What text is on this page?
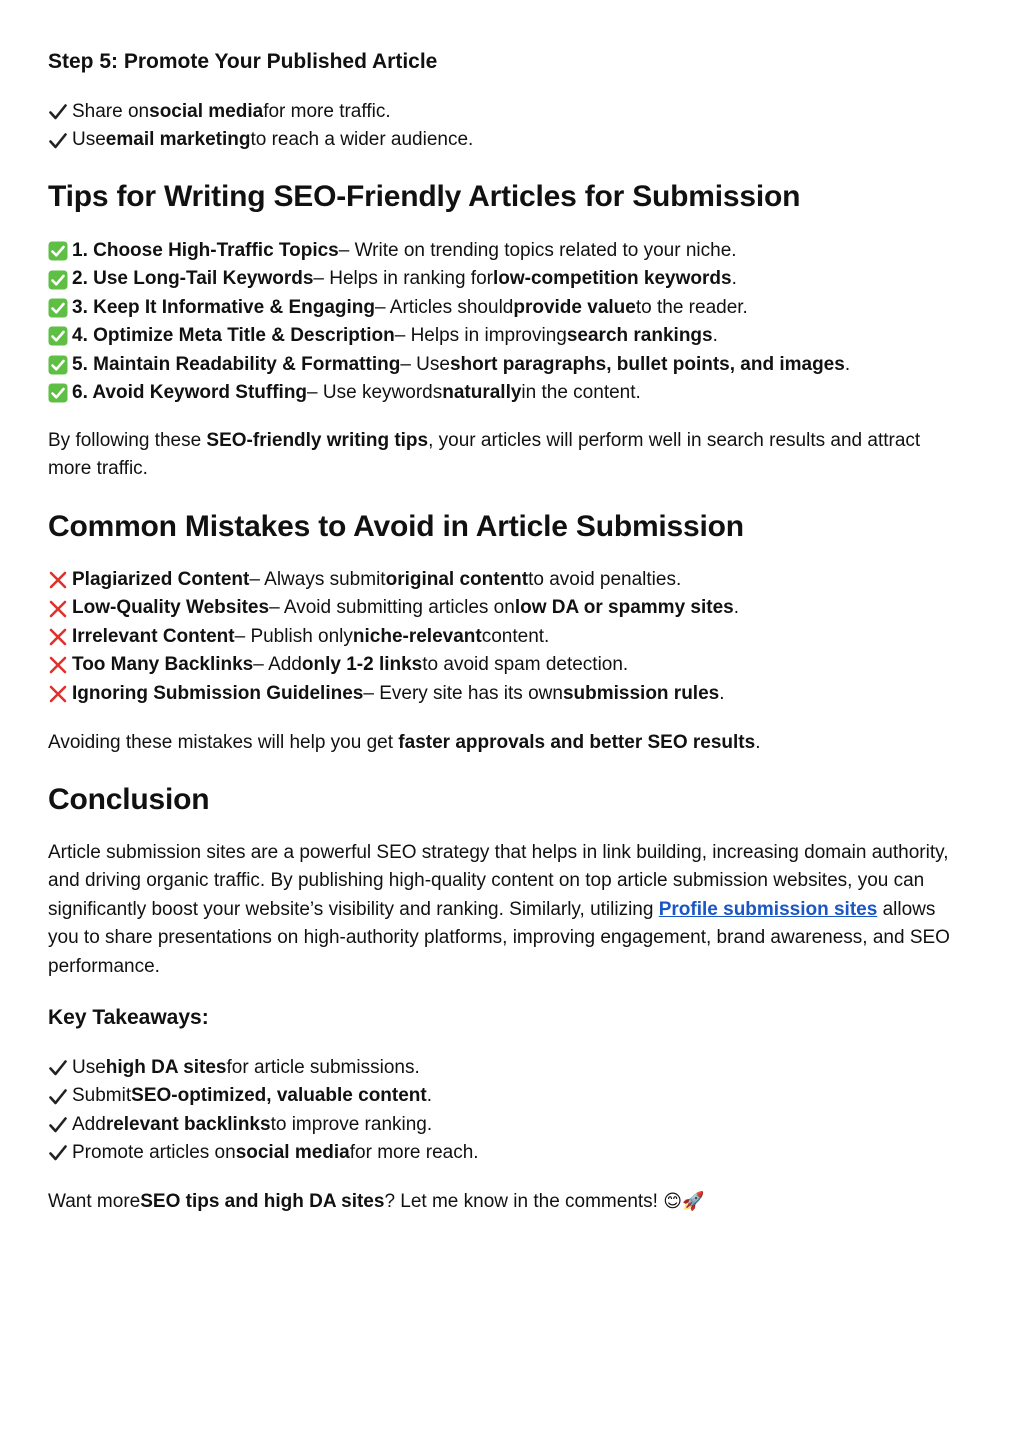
Step 5: Promote Your Published Article
Share on social media for more traffic.
Use email marketing to reach a wider audience.
Tips for Writing SEO-Friendly Articles for Submission
1. Choose High-Traffic Topics – Write on trending topics related to your niche.
2. Use Long-Tail Keywords – Helps in ranking for low-competition keywords .
3. Keep It Informative & Engaging – Articles should provide value to the reader.
4. Optimize Meta Title & Description – Helps in improving search rankings .
5. Maintain Readability & Formatting – Use short paragraphs, bullet points, and images .
6. Avoid Keyword Stuffing – Use keywords naturally in the content.

By following these SEO-friendly writing tips, your articles will perform well in search results and attract more traffic.

Common Mistakes to Avoid in Article Submission
Plagiarized Content – Always submit original content to avoid penalties.
Low-Quality Websites – Avoid submitting articles on low DA or spammy sites .
Irrelevant Content – Publish only niche-relevant content.
Too Many Backlinks – Add only 1-2 links to avoid spam detection.
Ignoring Submission Guidelines – Every site has its own submission rules .

Avoiding these mistakes will help you get faster approvals and better SEO results.

Conclusion

Article submission sites are a powerful SEO strategy that helps in link building, increasing domain authority, and driving organic traffic. By publishing high-quality content on top article submission websites, you can significantly boost your website’s visibility and ranking. Similarly, utilizing Profile submission sites allows you to share presentations on high-authority platforms, improving engagement, brand awareness, and SEO performance.

Key Takeaways:
Use high DA sites for article submissions.
Submit SEO-optimized, valuable content .
Add relevant backlinks to improve ranking.
Promote articles on social media for more reach.
Want more SEO tips and high DA sites ? Let me know in the comments! 😊🚀
